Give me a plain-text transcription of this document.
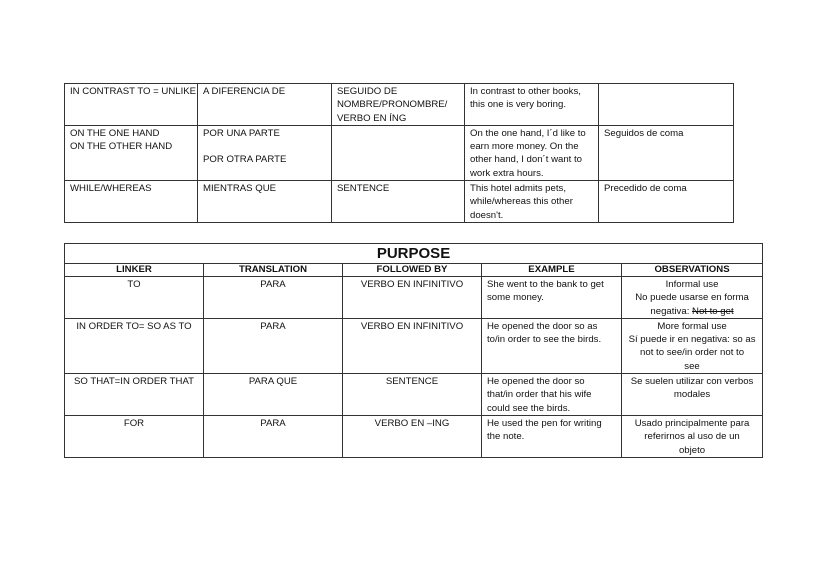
IN CONTRAST TO = UNLIKE	A DIFERENCIA DE	SEGUIDO DE
NOMBRE/PRONOMBRE/
VERBO EN ÍNG	In contrast to other books,
this one is very boring.	

ON THE ONE HAND
ON THE OTHER HAND	POR UNA PARTE
POR OTRA PARTE		On the one hand, I´d like to
earn more money. On the
other hand, I don´t want to
work extra hours.	Seguidos de coma

WHILE/WHEREAS	MIENTRAS QUE	SENTENCE	This hotel admits pets,
while/whereas this other
doesn't.	Precedido de coma
PURPOSE				
LINKER	TRANSLATION	FOLLOWED BY	EXAMPLE	OBSERVATIONS

TO	PARA	VERBO EN INFINITIVO	She went to the bank to get
some money.	Informal use
No puede usarse en forma
negativa: Not to get

IN ORDER TO= SO AS TO	PARA	VERBO EN INFINITIVO	He opened the door so as
to/in order to see the birds.	More formal use
Sí puede ir en negativa: so as
not to see/in order not to
see

SO THAT=IN ORDER THAT	PARA QUE	SENTENCE	He opened the door so
that/in order that his wife
could see the birds.	Se suelen utilizar con verbos
modales

FOR	PARA	VERBO EN –ING	He used the pen for writing
the note.	Usado principalmente para
referirnos al uso de un
objeto
